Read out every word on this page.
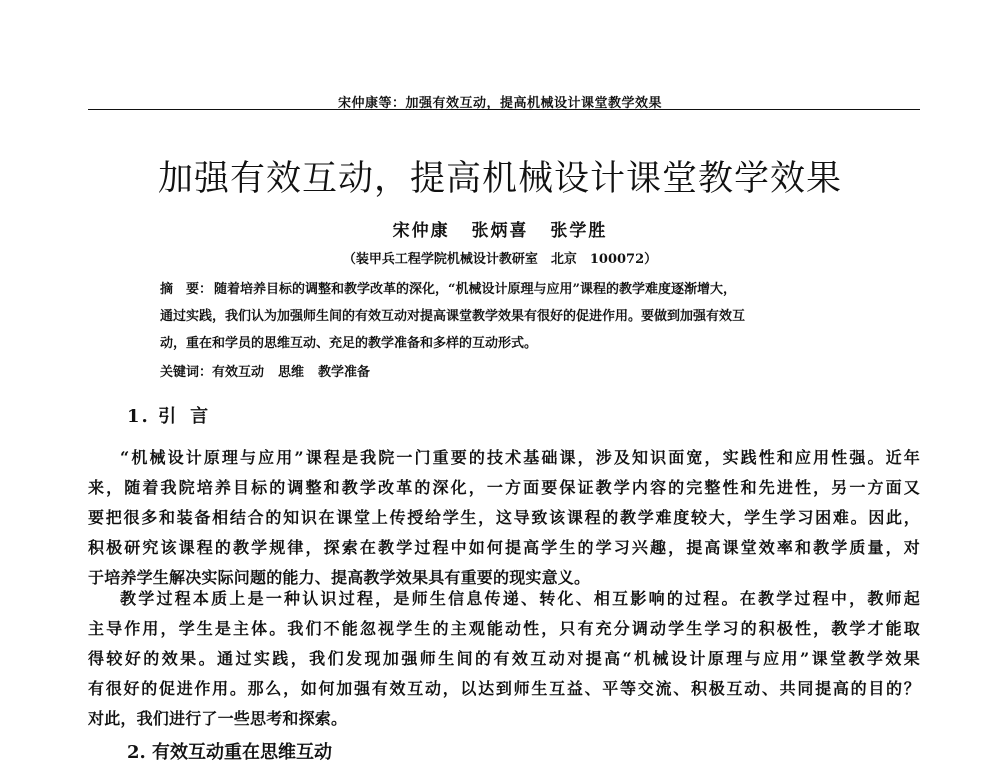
宋仲康等：加强有效互动，提高机械设计课堂教学效果
加强有效互动，提高机械设计课堂教学效果
宋仲康 张炳喜 张学胜
（装甲兵工程学院机械设计教研室　北京　100072）
摘　要： 随着培养目标的调整和教学改革的深化，“机械设计原理与应用”课程的教学难度逐渐增大，
通过实践，我们认为加强师生间的有效互动对提高课堂教学效果有很好的促进作用。要做到加强有效互
动，重在和学员的思维互动、充足的教学准备和多样的互动形式。
关键词：有效互动 思维 教学准备
1. 引 言
“机械设计原理与应用”课程是我院一门重要的技术基础课，涉及知识面宽，实践性和应用性强。近年
来，随着我院培养目标的调整和教学改革的深化，一方面要保证教学内容的完整性和先进性，另一方面又
要把很多和装备相结合的知识在课堂上传授给学生，这导致该课程的教学难度较大，学生学习困难。因此，
积极研究该课程的教学规律，探索在教学过程中如何提高学生的学习兴趣，提高课堂效率和教学质量，对
于培养学生解决实际问题的能力、提高教学效果具有重要的现实意义。
教学过程本质上是一种认识过程，是师生信息传递、转化、相互影响的过程。在教学过程中，教师起
主导作用，学生是主体。我们不能忽视学生的主观能动性，只有充分调动学生学习的积极性，教学才能取
得较好的效果。通过实践，我们发现加强师生间的有效互动对提高“机械设计原理与应用”课堂教学效果
有很好的促进作用。那么，如何加强有效互动，以达到师生互益、平等交流、积极互动、共同提高的目的？
对此，我们进行了一些思考和探索。
2. 有效互动重在思维互动
